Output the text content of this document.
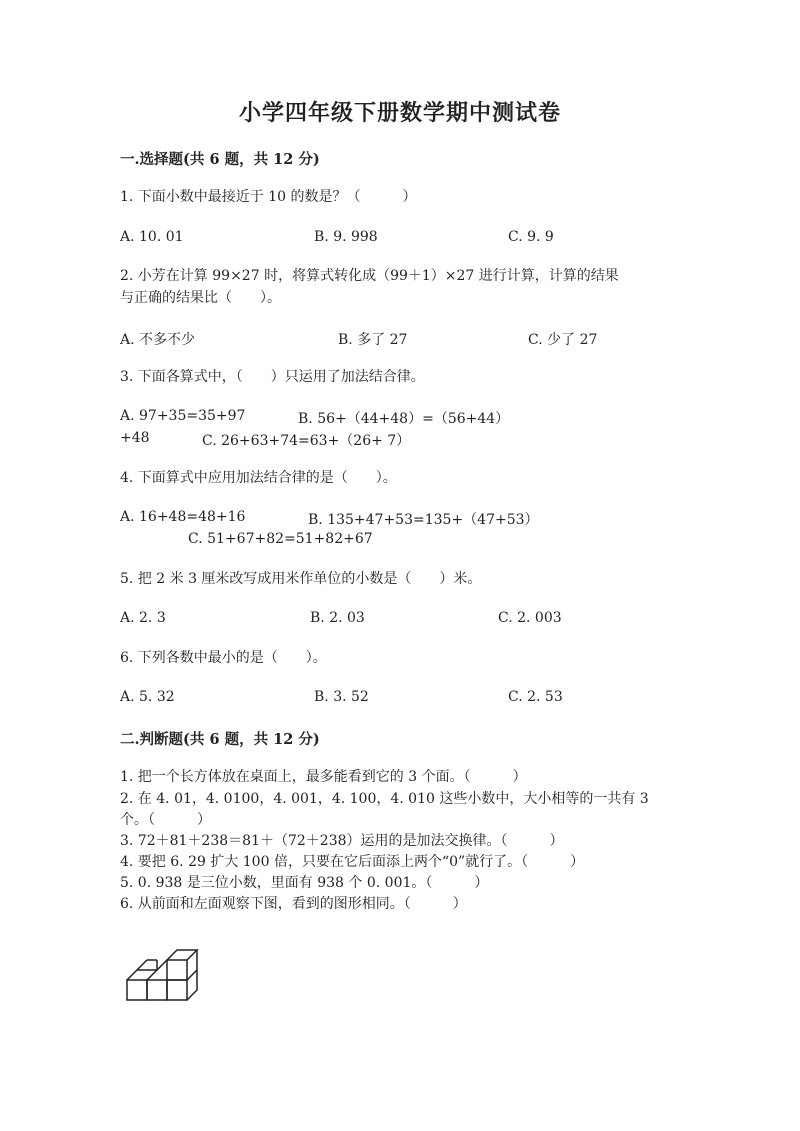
小学四年级下册数学期中测试卷
一.选择题(共 6 题，共 12 分)
1. 下面小数中最接近于 10 的数是？（　　　）
A. 10. 01	B. 9. 998	C. 9. 9
2. 小芳在计算 99×27 时，将算式转化成（99＋1）×27 进行计算，计算的结果
与正确的结果比（　　）。
A. 不多不少	B. 多了 27	C. 少了 27
3. 下面各算式中，（　　）只运用了加法结合律。
A. 97+35=35+97	B. 56+（44+48）=（56+44）
+48	C. 26+63+74=63+（26+ 7）
4. 下面算式中应用加法结合律的是（　　）。
A. 16+48=48+16	B. 135+47+53=135+（47+53）
C. 51+67+82=51+82+67
5. 把 2 米 3 厘米改写成用米作单位的小数是（　　）米。
A. 2. 3	B. 2. 03	C. 2. 003
6. 下列各数中最小的是（　　）。
A. 5. 32	B. 3. 52	C. 2. 53
二.判断题(共 6 题，共 12 分)
1. 把一个长方体放在桌面上，最多能看到它的 3 个面。（　　　）
2. 在 4. 01，4. 0100，4. 001，4. 100，4. 010 这些小数中，大小相等的一共有 3
个。（　　　）
3. 72＋81＋238＝81＋（72＋238）运用的是加法交换律。（　　　）
4. 要把 6. 29 扩大 100 倍，只要在它后面添上两个“0”就行了。（　　　）
5. 0. 938 是三位小数，里面有 938 个 0. 001。（　　　）
6. 从前面和左面观察下图，看到的图形相同。（　　　）
